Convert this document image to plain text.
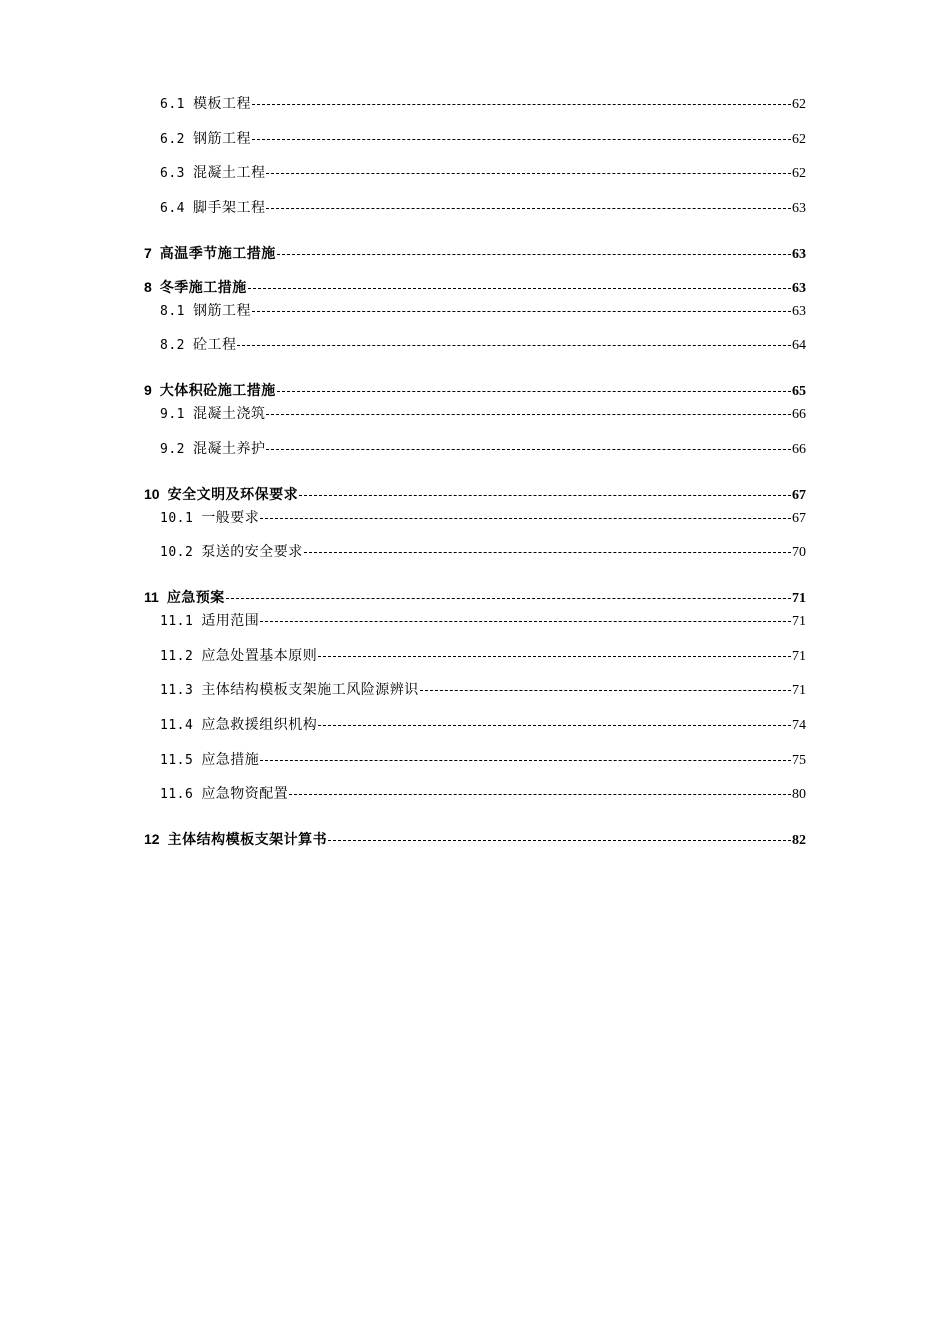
6.1 模板工程	62
6.2 钢筋工程	62
6.3 混凝土工程	62
6.4 脚手架工程	63
7 高温季节施工措施	63
8 冬季施工措施	63
8.1 钢筋工程	63
8.2 砼工程	64
9 大体积砼施工措施	65
9.1 混凝土浇筑	66
9.2 混凝土养护	66
10 安全文明及环保要求	67
10.1 一般要求	67
10.2 泵送的安全要求	70
11 应急预案	71
11.1 适用范围	71
11.2 应急处置基本原则	71
11.3 主体结构模板支架施工风险源辨识	71
11.4 应急救援组织机构	74
11.5 应急措施	75
11.6 应急物资配置	80
12 主体结构模板支架计算书	82
